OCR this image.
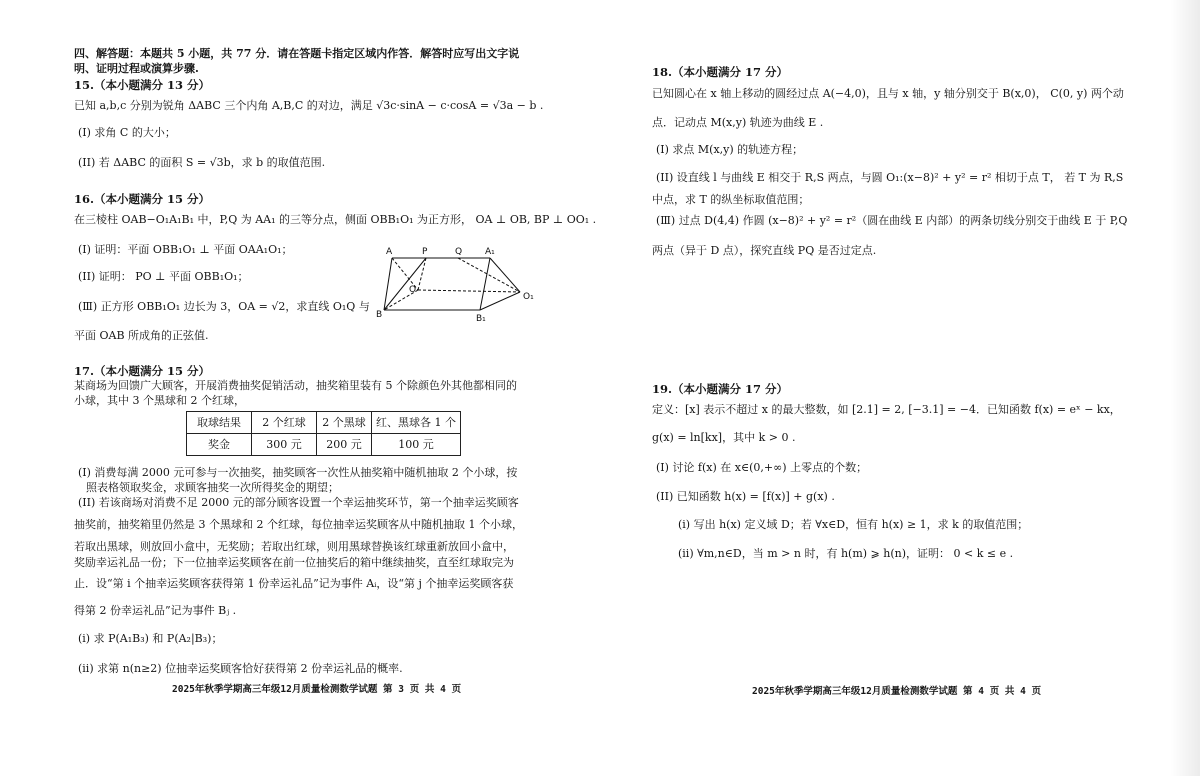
四、解答题：本题共 5 小题，共 77 分．请在答题卡指定区域内作答．解答时应写出文字说
明、证明过程或演算步骤.
15.（本小题满分 13 分）
已知 a,b,c 分别为锐角 ΔABC 三个内角 A,B,C 的对边，满足 √3c·sinA − c·cosA = √3a − b .
(I) 求角 C 的大小；
(II) 若 ΔABC 的面积 S = √3b，求 b 的取值范围.
16.（本小题满分 15 分）
在三棱柱 OAB−O₁A₁B₁ 中，P,Q 为 AA₁ 的三等分点，侧面 OBB₁O₁ 为正方形， OA ⊥ OB, BP ⊥ OO₁ .
(I) 证明：平面 OBB₁O₁ ⊥ 平面 OAA₁O₁；
(II) 证明： PO ⊥ 平面 OBB₁O₁；
(Ⅲ) 正方形 OBB₁O₁ 边长为 3，OA = √2，求直线 O₁Q 与
平面 OAB 所成角的正弦值.
A	P	Q	A₁
O
O₁
B	B₁
17.（本小题满分 15 分）
某商场为回馈广大顾客，开展消费抽奖促销活动，抽奖箱里装有 5 个除颜色外其他都相同的
小球，其中 3 个黑球和 2 个红球，
取球结果	2 个红球	2 个黑球	红、黑球各 1 个
奖金	300 元	200 元	100 元
(I) 消费每满 2000 元可参与一次抽奖，抽奖顾客一次性从抽奖箱中随机抽取 2 个小球，按
照表格领取奖金，求顾客抽奖一次所得奖金的期望；
(II) 若该商场对消费不足 2000 元的部分顾客设置一个幸运抽奖环节，第一个抽幸运奖顾客
抽奖前，抽奖箱里仍然是 3 个黑球和 2 个红球，每位抽幸运奖顾客从中随机抽取 1 个小球，
若取出黑球，则放回小盒中，无奖励；若取出红球，则用黑球替换该红球重新放回小盒中，
奖励幸运礼品一份；下一位抽幸运奖顾客在前一位抽奖后的箱中继续抽奖，直至红球取完为
止．设“第 i 个抽幸运奖顾客获得第 1 份幸运礼品”记为事件 Aᵢ，设“第 j 个抽幸运奖顾客获
得第 2 份幸运礼品”记为事件 Bⱼ .
(i) 求 P(A₁B₃) 和 P(A₂|B₃)；
(ii) 求第 n(n≥2) 位抽幸运奖顾客恰好获得第 2 份幸运礼品的概率.
2025年秋季学期高三年级12月质量检测数学试题 第 3 页 共 4 页
18.（本小题满分 17 分）
已知圆心在 x 轴上移动的圆经过点 A(−4,0)，且与 x 轴，y 轴分别交于 B(x,0)， C(0, y) 两个动
点．记动点 M(x,y) 轨迹为曲线 E .
(I) 求点 M(x,y) 的轨迹方程；
(II) 设直线 l 与曲线 E 相交于 R,S 两点，与圆 O₁:(x−8)² + y² = r² 相切于点 T， 若 T 为 R,S
中点，求 T 的纵坐标取值范围；
(Ⅲ) 过点 D(4,4) 作圆 (x−8)² + y² = r²（圆在曲线 E 内部）的两条切线分别交于曲线 E 于 P,Q
两点（异于 D 点），探究直线 PQ 是否过定点.
19.（本小题满分 17 分）
定义：[x] 表示不超过 x 的最大整数，如 [2.1] = 2, [−3.1] = −4．已知函数 f(x) = eˣ − kx，
g(x) = ln[kx]，其中 k > 0 .
(I) 讨论 f(x) 在 x∈(0,+∞) 上零点的个数；
(II) 已知函数 h(x) = [f(x)] + g(x) .
(i) 写出 h(x) 定义域 D；若 ∀x∈D，恒有 h(x) ≥ 1，求 k 的取值范围；
(ii) ∀m,n∈D，当 m > n 时，有 h(m) ⩾ h(n)，证明： 0 < k ≤ e .
2025年秋季学期高三年级12月质量检测数学试题 第 4 页 共 4 页
